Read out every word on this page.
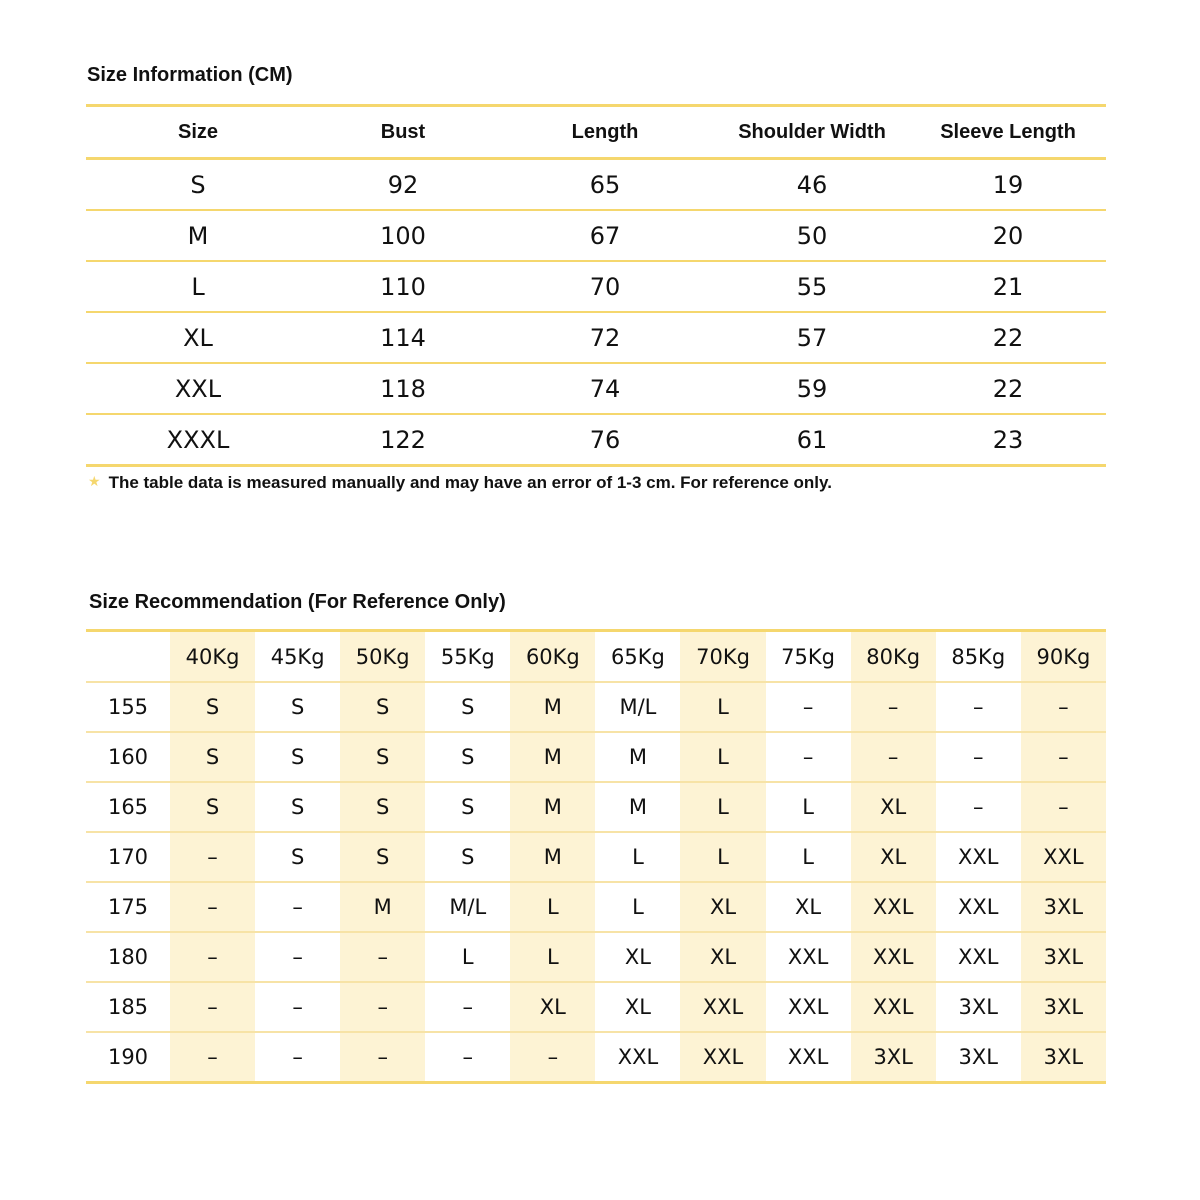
Size Information (CM)
Size	Bust	Length	Shoulder Width	Sleeve Length
S	92	65	46	19
M	100	67	50	20
L	110	70	55	21
XL	114	72	57	22
XXL	118	74	59	22
XXXL	122	76	61	23
★ The table data is measured manually and may have an error of 1-3 cm. For reference only.
Size Recommendation (For Reference Only)
	40Kg	45Kg	50Kg	55Kg	60Kg	65Kg	70Kg	75Kg	80Kg	85Kg	90Kg
155	S	S	S	S	M	M/L	L	–	–	–	–
160	S	S	S	S	M	M	L	–	–	–	–
165	S	S	S	S	M	M	L	L	XL	–	–
170	–	S	S	S	M	L	L	L	XL	XXL	XXL
175	–	–	M	M/L	L	L	XL	XL	XXL	XXL	3XL
180	–	–	–	L	L	XL	XL	XXL	XXL	XXL	3XL
185	–	–	–	–	XL	XL	XXL	XXL	XXL	3XL	3XL
190	–	–	–	–	–	XXL	XXL	XXL	3XL	3XL	3XL
